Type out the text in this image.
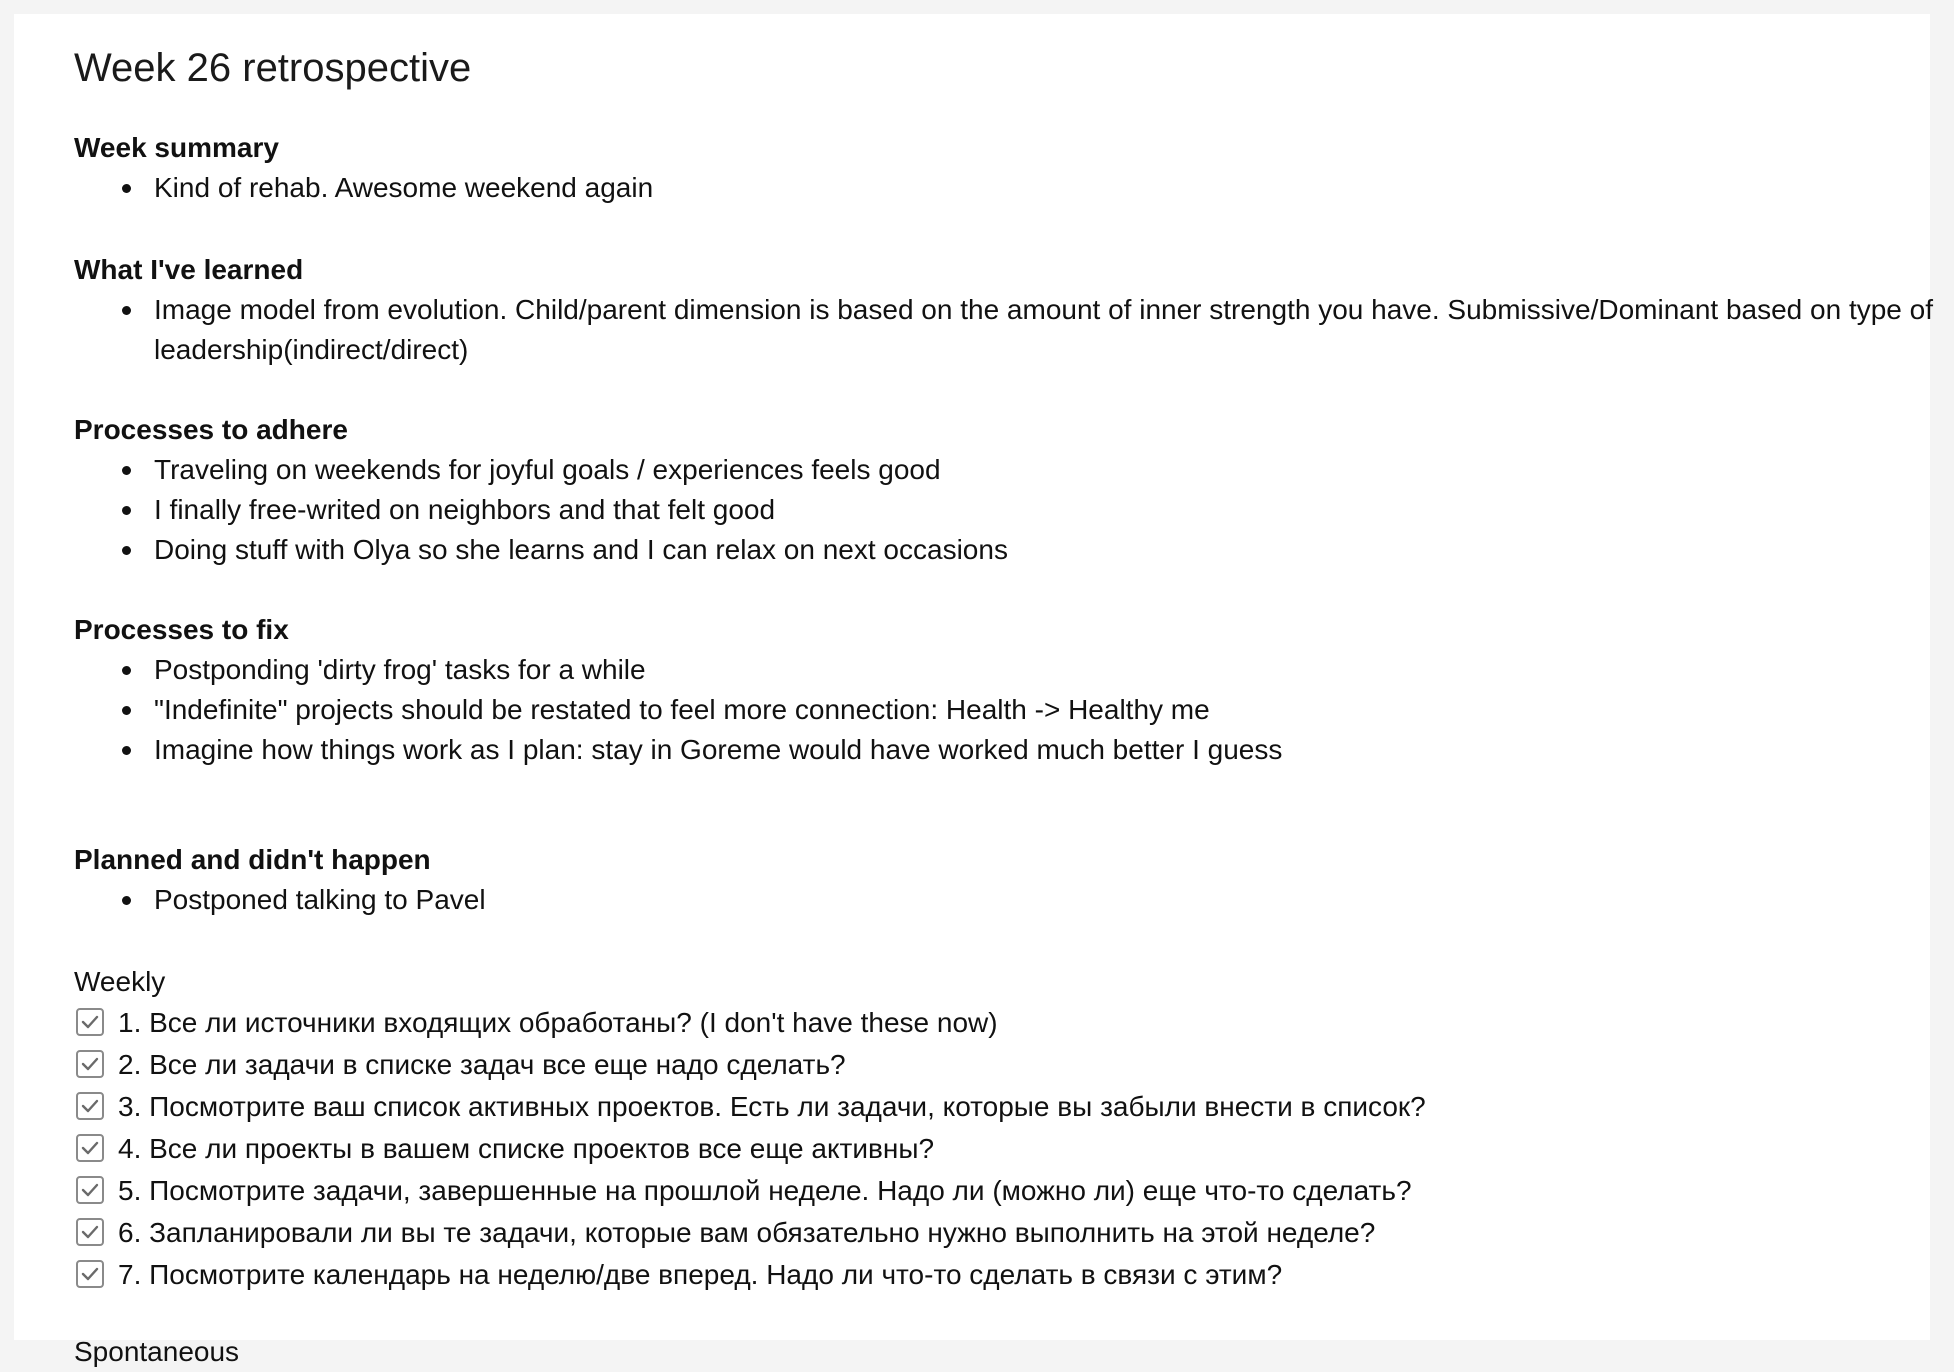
Week 26 retrospective
Week summary
Kind of rehab. Awesome weekend again
What I've learned
Image model from evolution. Child/parent dimension is based on the amount of inner strength you have. Submissive/Dominant based on type of leadership(indirect/direct)
Processes to adhere
Traveling on weekends for joyful goals / experiences feels good
I finally free-writed on neighbors and that felt good
Doing stuff with Olya so she learns and I can relax on next occasions
Processes to fix
Postponding 'dirty frog' tasks for a while
"Indefinite" projects should be restated to feel more connection: Health -> Healthy me
Imagine how things work as I plan: stay in Goreme would have worked much better I guess
Planned and didn't happen
Postponed talking to Pavel
Weekly
1. Все ли источники входящих обработаны? (I don't have these now)
2. Все ли задачи в списке задач все еще надо сделать?
3. Посмотрите ваш список активных проектов. Есть ли задачи, которые вы забыли внести в список?
4. Все ли проекты в вашем списке проектов все еще активны?
5. Посмотрите задачи, завершенные на прошлой неделе. Надо ли (можно ли) еще что-то сделать?
6. Запланировали ли вы те задачи, которые вам обязательно нужно выполнить на этой неделе?
7. Посмотрите календарь на неделю/две вперед. Надо ли что-то сделать в связи с этим?
Spontaneous
